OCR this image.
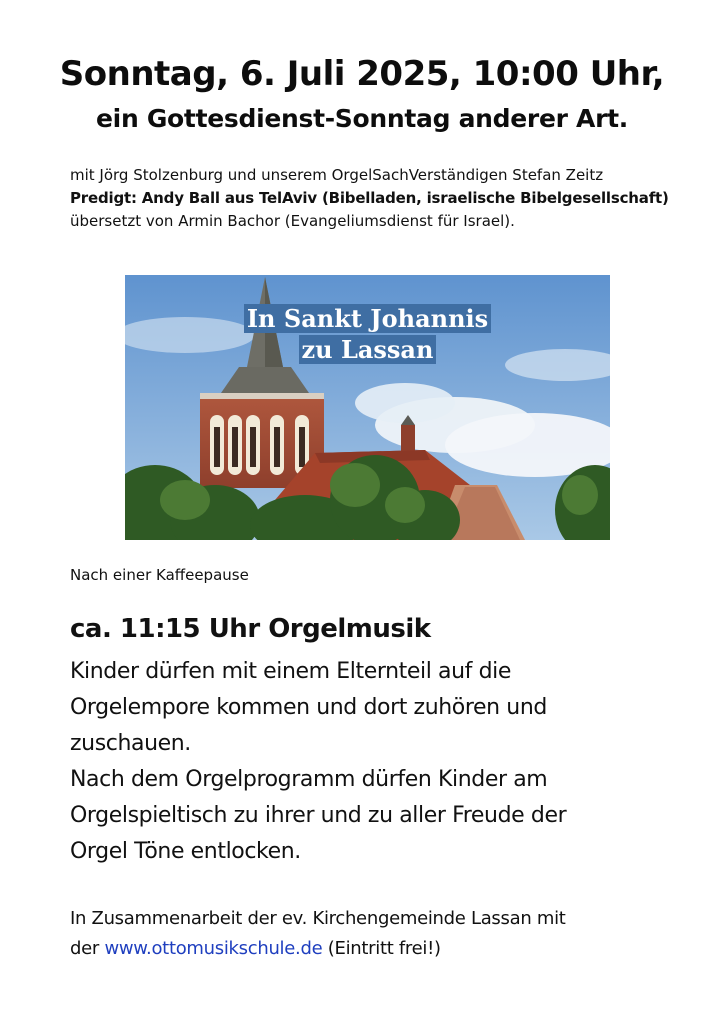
Sonntag, 6. Juli 2025, 10:00 Uhr,
ein Gottesdienst-Sonntag anderer Art.
mit Jörg Stolzenburg und unserem OrgelSachVerständigen Stefan Zeitz
Predigt: Andy Ball aus TelAviv (Bibelladen, israelische Bibelgesellschaft)
übersetzt von Armin Bachor (Evangeliumsdienst für Israel).
In Sankt Johannis
zu Lassan
Nach einer Kaffeepause
ca. 11:15 Uhr Orgelmusik
Kinder dürfen mit einem Elternteil auf die
Orgelempore kommen und dort zuhören und
zuschauen.
Nach dem Orgelprogramm dürfen Kinder am
Orgelspieltisch zu ihrer und zu aller Freude der
Orgel Töne entlocken.
In Zusammenarbeit der ev. Kirchengemeinde Lassan mit
der www.ottomusikschule.de (Eintritt frei!)
